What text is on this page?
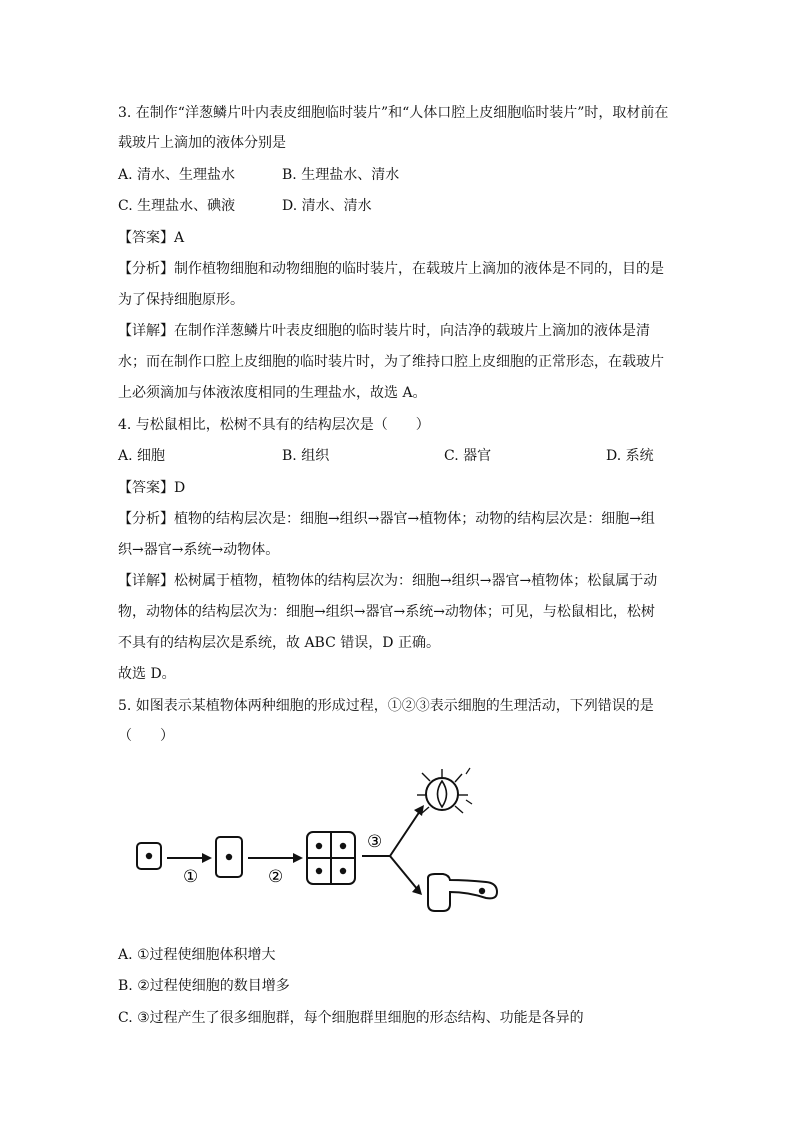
3. 在制作“洋葱鳞片叶内表皮细胞临时装片”和“人体口腔上皮细胞临时装片”时，取材前在
载玻片上滴加的液体分别是
A. 清水、生理盐水	B. 生理盐水、清水
C. 生理盐水、碘液	D. 清水、清水
【答案】A
【分析】制作植物细胞和动物细胞的临时装片，在载玻片上滴加的液体是不同的，目的是
为了保持细胞原形。
【详解】在制作洋葱鳞片叶表皮细胞的临时装片时，向洁净的载玻片上滴加的液体是清
水；而在制作口腔上皮细胞的临时装片时，为了维持口腔上皮细胞的正常形态，在载玻片
上必须滴加与体液浓度相同的生理盐水，故选 A。
4. 与松鼠相比，松树不具有的结构层次是（　　）
A. 细胞	B. 组织	C. 器官	D. 系统
【答案】D
【分析】植物的结构层次是：细胞→组织→器官→植物体；动物的结构层次是：细胞→组
织→器官→系统→动物体。
【详解】松树属于植物，植物体的结构层次为：细胞→组织→器官→植物体；松鼠属于动
物，动物体的结构层次为：细胞→组织→器官→系统→动物体；可见，与松鼠相比，松树
不具有的结构层次是系统，故 ABC 错误，D 正确。
故选 D。
5. 如图表示某植物体两种细胞的形成过程，①②③表示细胞的生理活动，下列错误的是
（　　）
①	②
③
A. ①过程使细胞体积增大
B. ②过程使细胞的数目增多
C. ③过程产生了很多细胞群，每个细胞群里细胞的形态结构、功能是各异的
